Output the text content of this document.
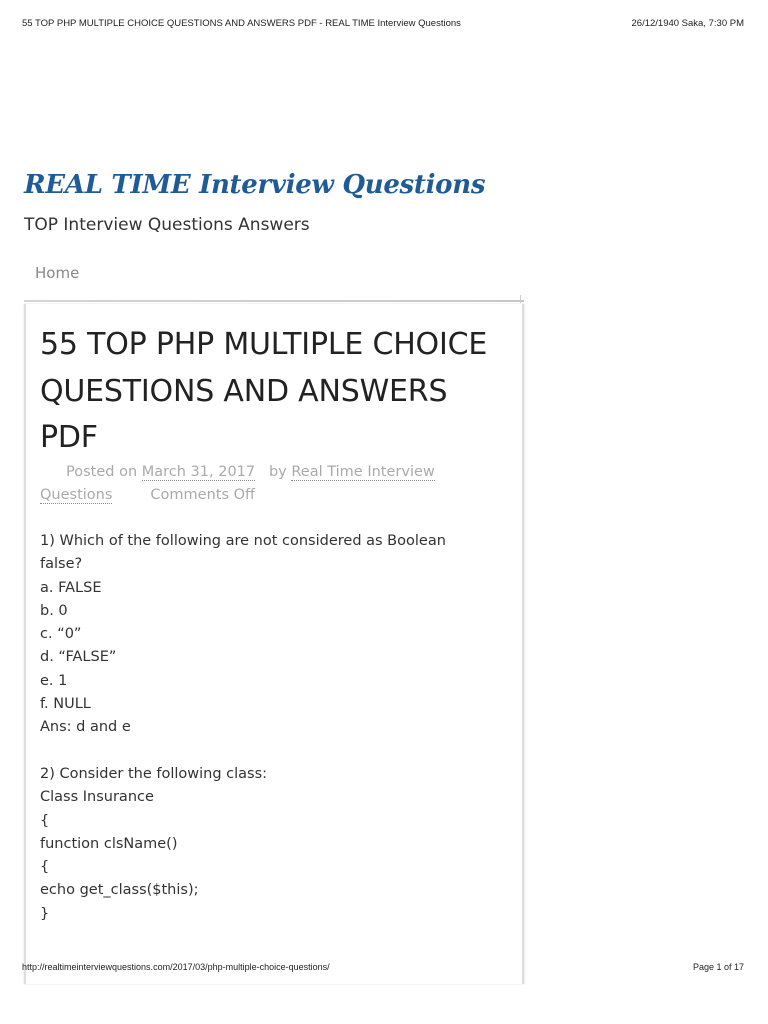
55 TOP PHP MULTIPLE CHOICE QUESTIONS AND ANSWERS PDF - REAL TIME Interview Questions	26/12/1940 Saka, 7:30 PM
REAL TIME Interview Questions
TOP Interview Questions Answers
Home
55 TOP PHP MULTIPLE CHOICE QUESTIONS AND ANSWERS PDF
Posted on March 31, 2017 by Real Time Interview
Questions	Comments Off
1) Which of the following are not considered as Boolean
false?
a. FALSE
b. 0
c. “0”
d. “FALSE”
e. 1
f. NULL
Ans: d and e
2) Consider the following class:
Class Insurance
{
function clsName()
{
echo get_class($this);
}
http://realtimeinterviewquestions.com/2017/03/php-multiple-choice-questions/	Page 1 of 17
